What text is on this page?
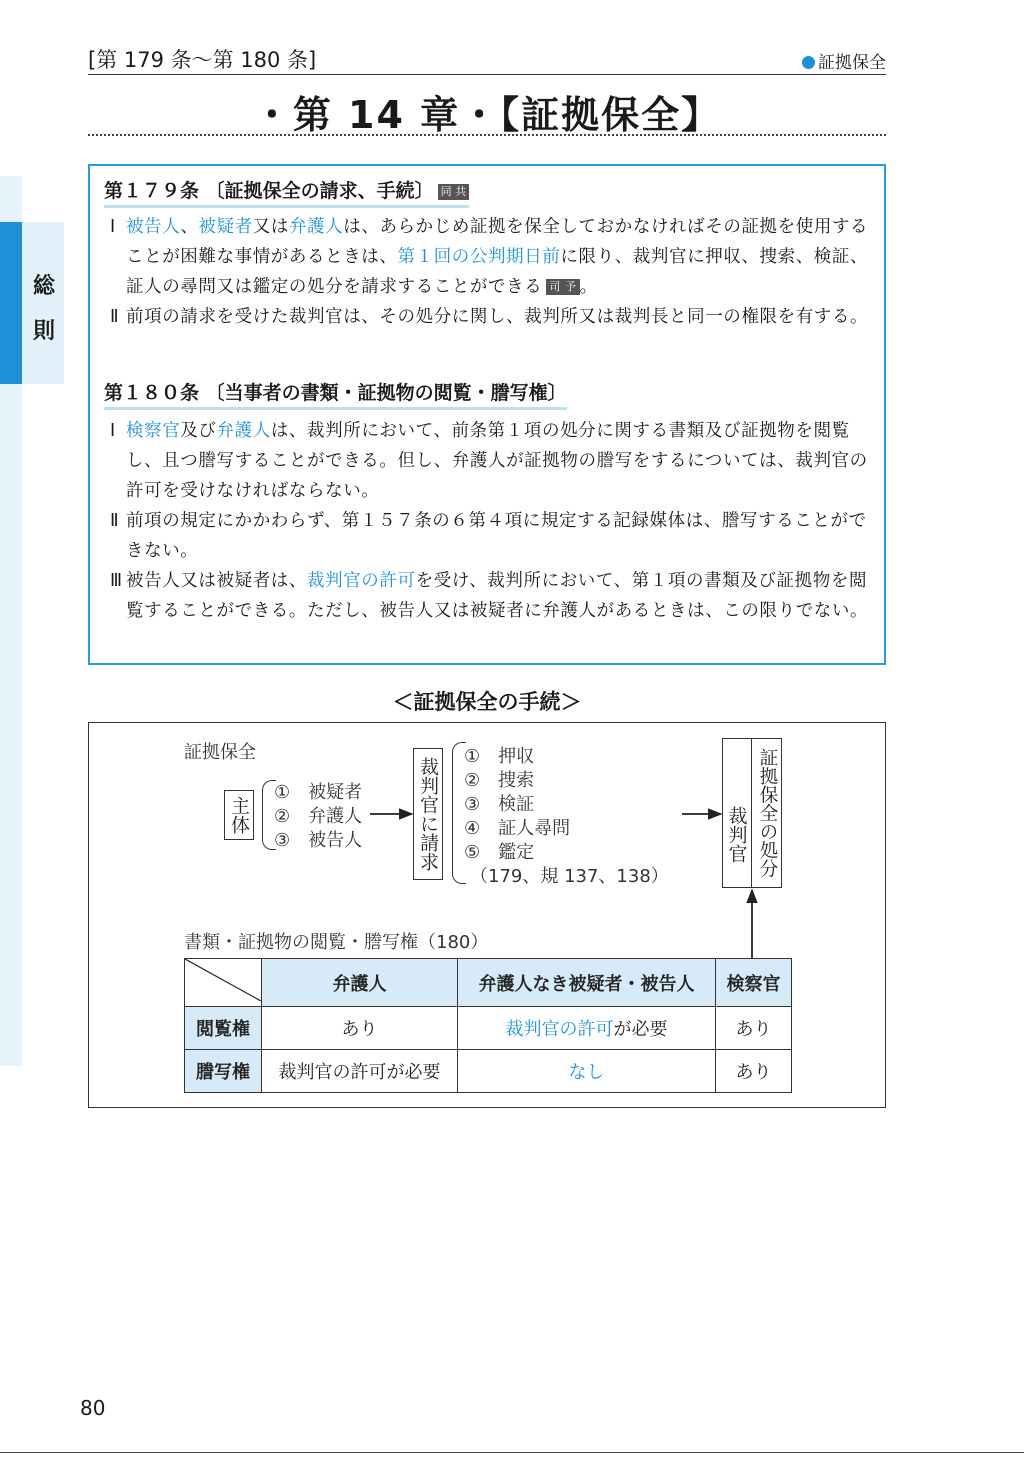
[第 179 条～第 180 条]	証拠保全
・第 14 章・【証拠保全】
総
則
第１７９条 〔証拠保全の請求、手続〕 同 共
Ⅰ 被告人、被疑者又は弁護人は、あらかじめ証拠を保全しておかなければその証拠を使用することが困難な事情があるときは、第１回の公判期日前に限り、裁判官に押収、捜索、検証、証人の尋問又は鑑定の処分を請求することができる 司 予 。
Ⅱ 前項の請求を受けた裁判官は、その処分に関し、裁判所又は裁判長と同一の権限を有する。
第１８０条 〔当事者の書類・証拠物の閲覧・謄写権〕
Ⅰ 検察官及び弁護人は、裁判所において、前条第１項の処分に関する書類及び証拠物を閲覧し、且つ謄写することができる。但し、弁護人が証拠物の謄写をするについては、裁判官の許可を受けなければならない。
Ⅱ 前項の規定にかかわらず、第１５７条の６第４項に規定する記録媒体は、謄写することができない。
Ⅲ 被告人又は被疑者は、裁判官の許可を受け、裁判所において、第１項の書類及び証拠物を閲覧することができる。ただし、被告人又は被疑者に弁護人があるときは、この限りでない。
＜証拠保全の手続＞
証拠保全
主体
①　被疑者
②　弁護人
③　被告人	裁判官に請求
①　押収
②　捜索
③　検証
④　証人尋問
⑤　鑑定
（179、規 137、138）
裁判官 証拠保全の処分
書類・証拠物の閲覧・謄写権（180）
	弁護人	弁護人なき被疑者・被告人	検察官
閲覧権	あり	裁判官の許可が必要	あり
謄写権	裁判官の許可が必要	なし	あり
80
